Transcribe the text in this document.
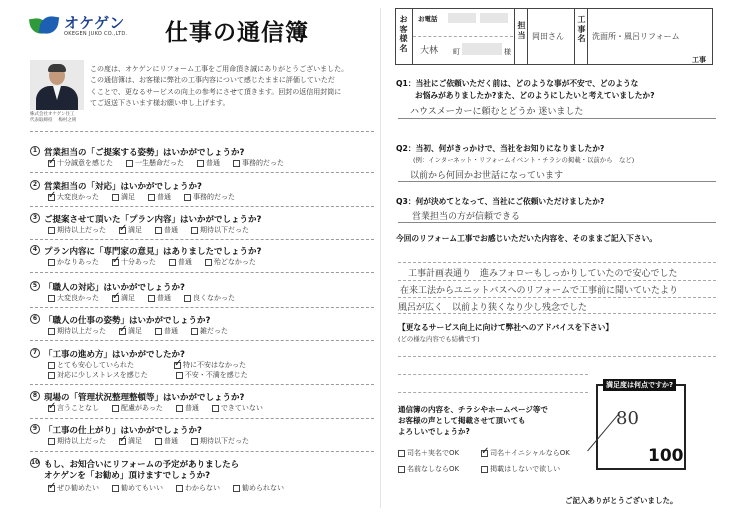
オケゲン
OKEGEN JUKO CO.,LTD. 仕事の通信簿
株式会社オケゲン住工
代表取締役　 梅村之則
この度は、オケゲンにリフォーム工事をご用命頂き誠にありがとうございました。
この通信簿は、お客様に弊社の工事内容について感じたままに評価していただ
くことで、更なるサービスの向上の参考にさせて頂きます。回封の返信用封筒に
てご返送下さいます様お願い申し上げます。
1 営業担当の「ご提案する姿勢」はいかがでしょうか?
✓ 十分誠意を感じた	一生懸命だった	普通	事務的だった
2 営業担当の「対応」はいかがでしょうか?
✓ 大変良かった	満足	普通	事務的だった
3 ご提案させて頂いた「プラン内容」はいかがでしょうか?
期待以上だった ✓ 満足	普通	期待以下だった
4 プラン内容に「専門家の意見」はありましたでしょうか?
かなりあった ✓ 十分あった	普通	殆どなかった
5 「職人の対応」はいかがでしょうか?
大変良かった ✓ 満足	普通	良くなかった
6 「職人の仕事の姿勢」はいかがでしょうか?
期待以上だった ✓ 満足	普通	雑だった
7 「工事の進め方」はいかがでしたか?
とても安心していられた	✓ 特に不安はなかった
対応に少しストレスを感じた	不安・不満を感じた
8 現場の「管理状況整理整頓等」はいかがでしょうか?
✓ 言うことなし	配慮があった	普通	できていない
9 「工事の仕上がり」はいかがでしょうか?
期待以上だった ✓ 満足	普通	期待以下だった
10 もし、お知合いにリフォームの予定がありましたら
オケゲンを「お勧め」頂けますでしょうか?
✓ ぜひ勧めたい	勧めてもいい	わからない	勧められない
お客様名
お電話
大林 町	様
担当 岡田さん
工事名 洗面所・風呂リフォーム
工事
Q1：当社にご依頼いただく前は、どのような事が不安で、どのような
お悩みがありましたか?また、どのようにしたいと考えていましたか?
ハウスメーカーに頼むとどうか 迷いました
Q2：当初、何がきっかけで、当社をお知りになりましたか?
(例：インターネット・リフォームイベント・チラシの掲載・以前から　など)
以前から何回かお世話になっています
Q3：何が決めてとなって、当社にご依頼いただけましたか?
営業担当の方が信頼できる
今回のリフォーム工事でお感じいただいた内容を、そのままご記入下さい。
工事計画表通り　進みフォローもしっかりしていたので安心でした
在来工法からユニットバスへのリフォームで工事前に聞いていたより
風呂が広く　以前より狭くなり少し残念でした
【更なるサービス向上に向けて弊社へのアドバイスを下さい】
(どの様な内容でも結構です)
満足度は何点ですか?
80
100
通信簿の内容を、チラシやホームページ等で
お客様の声として掲載させて頂いても
よろしいでしょうか?
司名＋実名でOK ✓ 司名＋イニシャルならOK
名前なしならOK	掲載はしないで欲しい
ご記入ありがとうございました。
